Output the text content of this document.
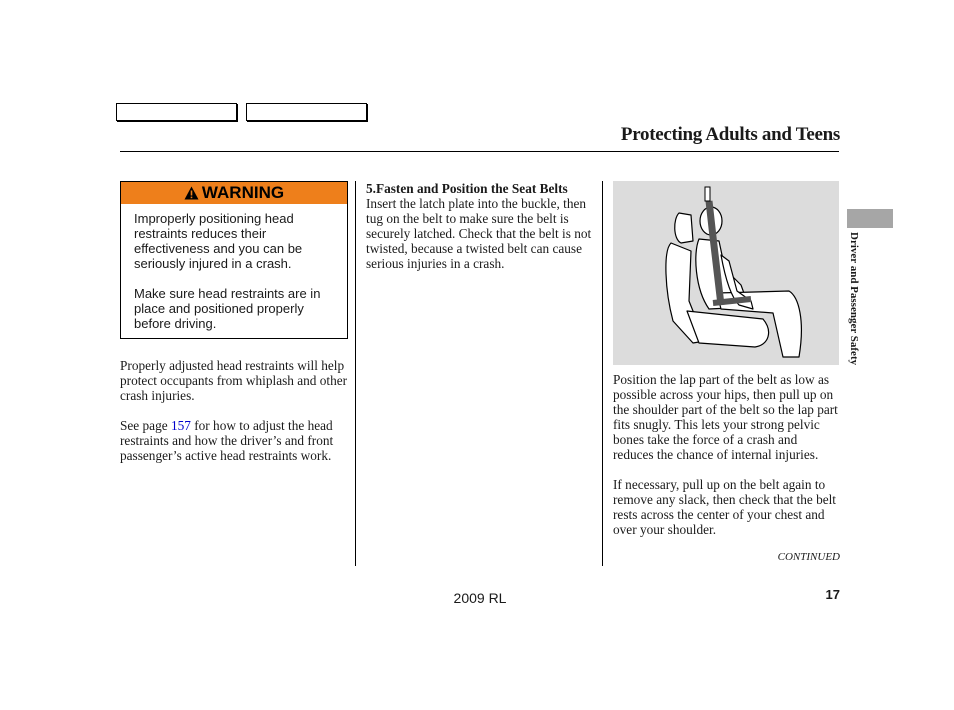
Protecting Adults and Teens
WARNING
Improperly positioning head restraints reduces their effectiveness and you can be seriously injured in a crash.
Make sure head restraints are in place and positioned properly before driving.

Properly adjusted head restraints will help protect occupants from whiplash and other crash injuries.

See page 157 for how to adjust the head restraints and how the driver’s and front passenger’s active head restraints work.

5.Fasten and Position the Seat Belts

Insert the latch plate into the buckle, then tug on the belt to make sure the belt is securely latched. Check that the belt is not twisted, because a twisted belt can cause serious injuries in a crash.

Position the lap part of the belt as low as possible across your hips, then pull up on the shoulder part of the belt so the lap part fits snugly. This lets your strong pelvic bones take the force of a crash and reduces the chance of internal injuries.

If necessary, pull up on the belt again to remove any slack, then check that the belt rests across the center of your chest and over your shoulder.

CONTINUED
Driver and Passenger Safety
2009 RL	17
